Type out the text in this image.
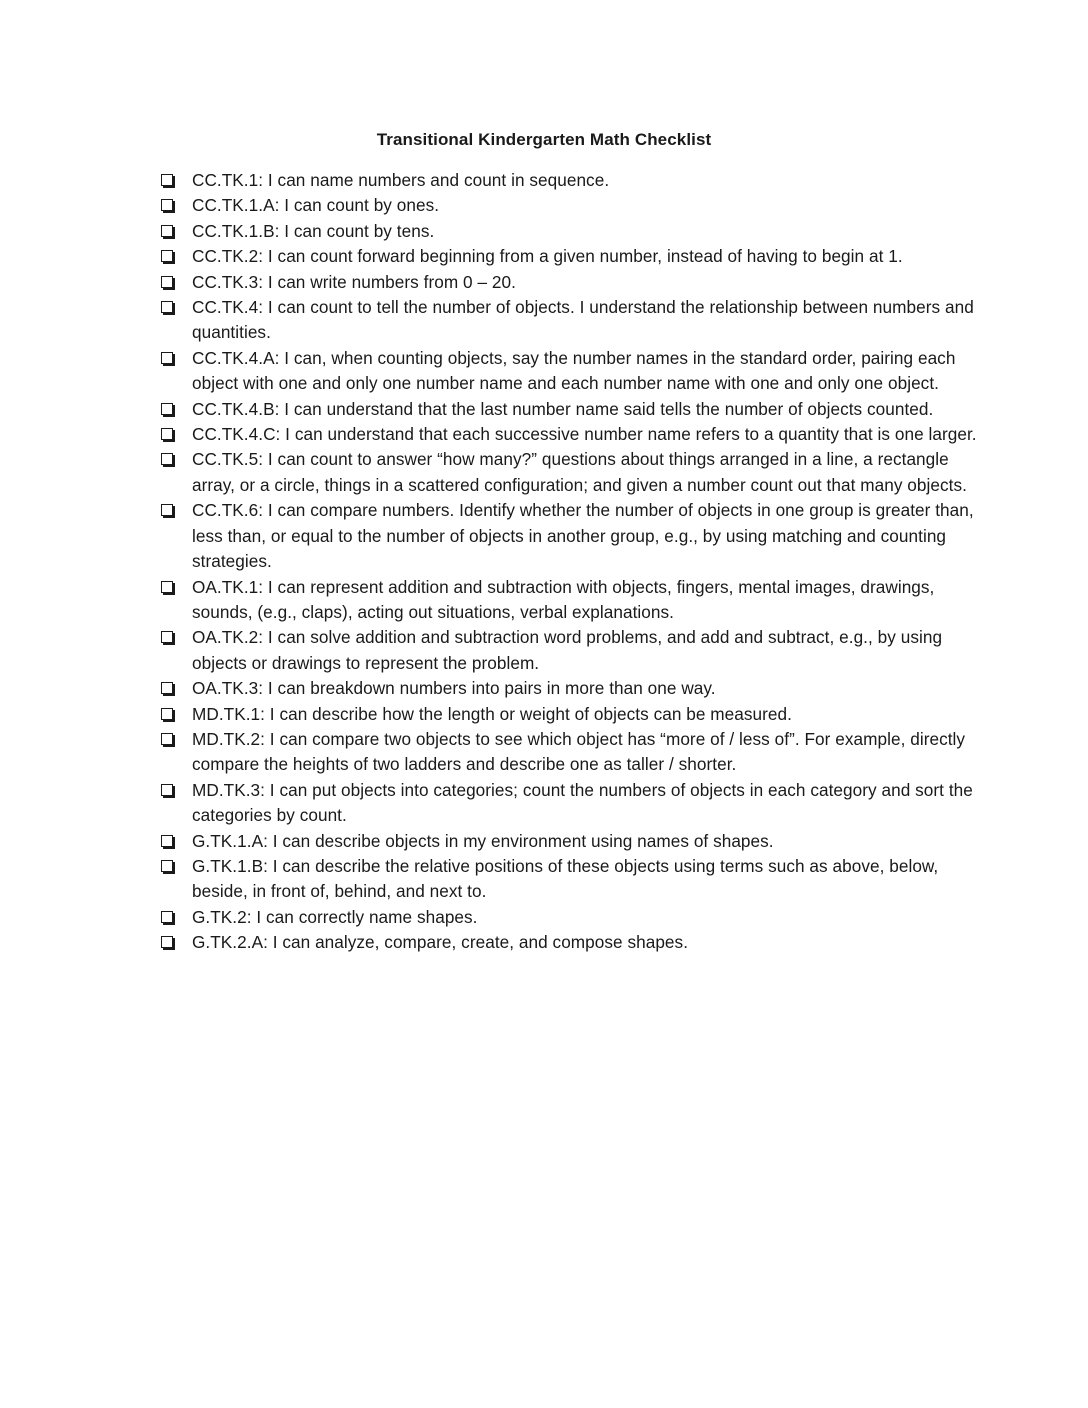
Transitional Kindergarten Math Checklist
CC.TK.1: I can name numbers and count in sequence.
CC.TK.1.A: I can count by ones.
CC.TK.1.B: I can count by tens.
CC.TK.2: I can count forward beginning from a given number, instead of having to begin at 1.
CC.TK.3: I can write numbers from 0 – 20.
CC.TK.4: I can count to tell the number of objects. I understand the relationship between numbers and quantities.
CC.TK.4.A: I can, when counting objects, say the number names in the standard order, pairing each object with one and only one number name and each number name with one and only one object.
CC.TK.4.B: I can understand that the last number name said tells the number of objects counted.
CC.TK.4.C: I can understand that each successive number name refers to a quantity that is one larger.
CC.TK.5: I can count to answer “how many?” questions about things arranged in a line, a rectangle array, or a circle, things in a scattered configuration; and given a number count out that many objects.
CC.TK.6: I can compare numbers. Identify whether the number of objects in one group is greater than, less than, or equal to the number of objects in another group, e.g., by using matching and counting strategies.
OA.TK.1: I can represent addition and subtraction with objects, fingers, mental images, drawings, sounds, (e.g., claps), acting out situations, verbal explanations.
OA.TK.2: I can solve addition and subtraction word problems, and add and subtract, e.g., by using objects or drawings to represent the problem.
OA.TK.3: I can breakdown numbers into pairs in more than one way.
MD.TK.1: I can describe how the length or weight of objects can be measured.
MD.TK.2: I can compare two objects to see which object has “more of / less of”. For example, directly compare the heights of two ladders and describe one as taller / shorter.
MD.TK.3: I can put objects into categories; count the numbers of objects in each category and sort the categories by count.
G.TK.1.A: I can describe objects in my environment using names of shapes.
G.TK.1.B: I can describe the relative positions of these objects using terms such as above, below, beside, in front of, behind, and next to.
G.TK.2: I can correctly name shapes.
G.TK.2.A: I can analyze, compare, create, and compose shapes.
